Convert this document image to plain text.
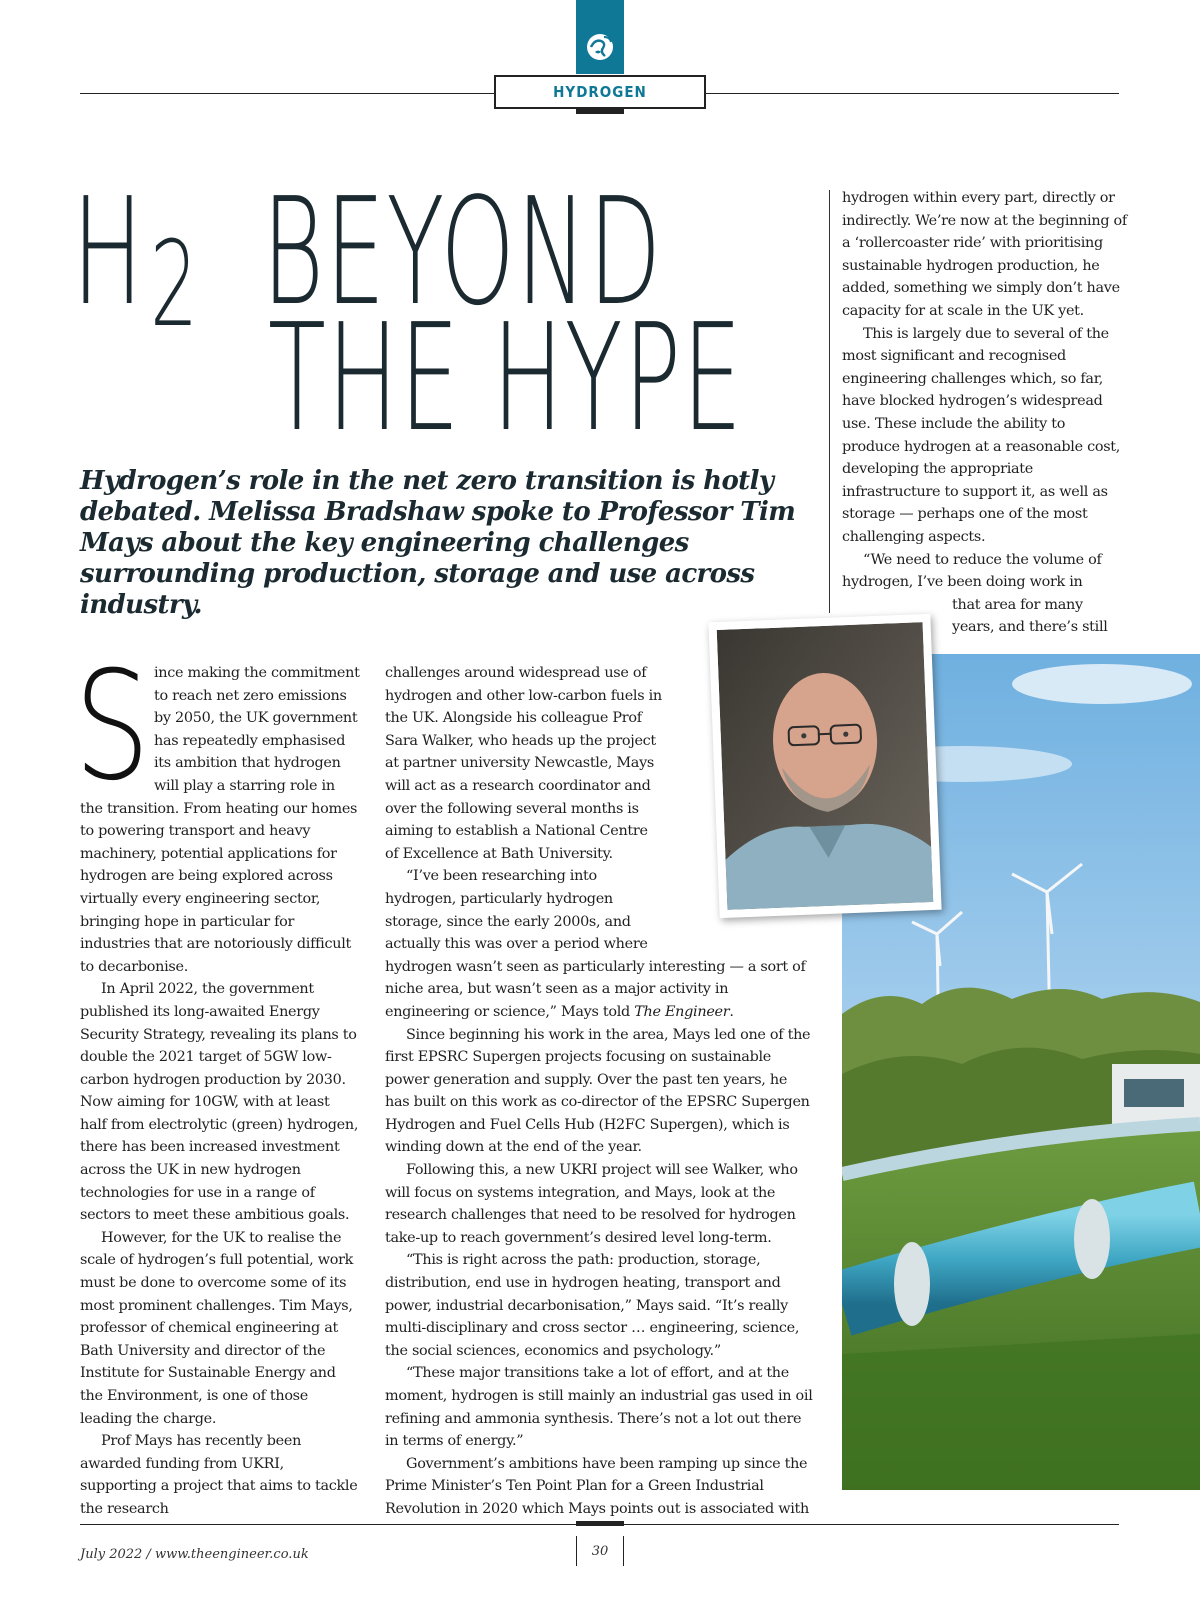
HYDROGEN
H 2 BEYOND
THE HYPE
Hydrogen’s role in the net zero transition is hotly debated. Melissa Bradshaw spoke to Professor Tim Mays about the key engineering challenges surrounding production, storage and use across industry.
S ince making the commitment to reach net zero emissions by 2050, the UK government has repeatedly emphasised its ambition that hydrogen will play a starring role in the transition. From heating our homes to powering transport and heavy machinery, potential applications for hydrogen are being explored across virtually every engineering sector, bringing hope in particular for industries that are notoriously difficult to decarbonise.

In April 2022, the government published its long-awaited Energy Security Strategy, revealing its plans to double the 2021 target of 5GW low-carbon hydrogen production by 2030. Now aiming for 10GW, with at least half from electrolytic (green) hydrogen, there has been increased investment across the UK in new hydrogen technologies for use in a range of sectors to meet these ambitious goals.

However, for the UK to realise the scale of hydrogen’s full potential, work must be done to overcome some of its most prominent challenges. Tim Mays, professor of chemical engineering at Bath University and director of the Institute for Sustainable Energy and the Environment, is one of those leading the charge.

Prof Mays has recently been awarded funding from UKRI, supporting a project that aims to tackle the research

challenges around widespread use of hydrogen and other low-carbon fuels in the UK. Alongside his colleague Prof Sara Walker, who heads up the project at partner university Newcastle, Mays will act as a research coordinator and over the following several months is aiming to establish a National Centre of Excellence at Bath University.

“I’ve been researching into hydrogen, particularly hydrogen storage, since the early 2000s, and actually this was over a period where hydrogen wasn’t seen as particularly interesting — a sort of niche area, but wasn’t seen as a major activity in engineering or science,” Mays told The Engineer.

Since beginning his work in the area, Mays led one of the first EPSRC Supergen projects focusing on sustainable power generation and supply. Over the past ten years, he has built on this work as co-director of the EPSRC Supergen Hydrogen and Fuel Cells Hub (H2FC Supergen), which is winding down at the end of the year.

Following this, a new UKRI project will see Walker, who will focus on systems integration, and Mays, look at the research challenges that need to be resolved for hydrogen take-up to reach government’s desired level long-term.

“This is right across the path: production, storage, distribution, end use in hydrogen heating, transport and power, industrial decarbonisation,” Mays said. “It’s really multi-disciplinary and cross sector … engineering, science, the social sciences, economics and psychology.”

“These major transitions take a lot of effort, and at the moment, hydrogen is still mainly an industrial gas used in oil refining and ammonia synthesis. There’s not a lot out there in terms of energy.”

Government’s ambitions have been ramping up since the Prime Minister’s Ten Point Plan for a Green Industrial Revolution in 2020 which Mays points out is associated with

hydrogen within every part, directly or indirectly. We’re now at the beginning of a ‘rollercoaster ride’ with prioritising sustainable hydrogen production, he added, something we simply don’t have capacity for at scale in the UK yet.

This is largely due to several of the most significant and recognised engineering challenges which, so far, have blocked hydrogen’s widespread use. These include the ability to produce hydrogen at a reasonable cost, developing the appropriate infrastructure to support it, as well as storage — perhaps one of the most challenging aspects.

“We need to reduce the volume of hydrogen, I’ve been doing work in

that area for many years, and there’s still

July 2022 / www.theengineer.co.uk	30
